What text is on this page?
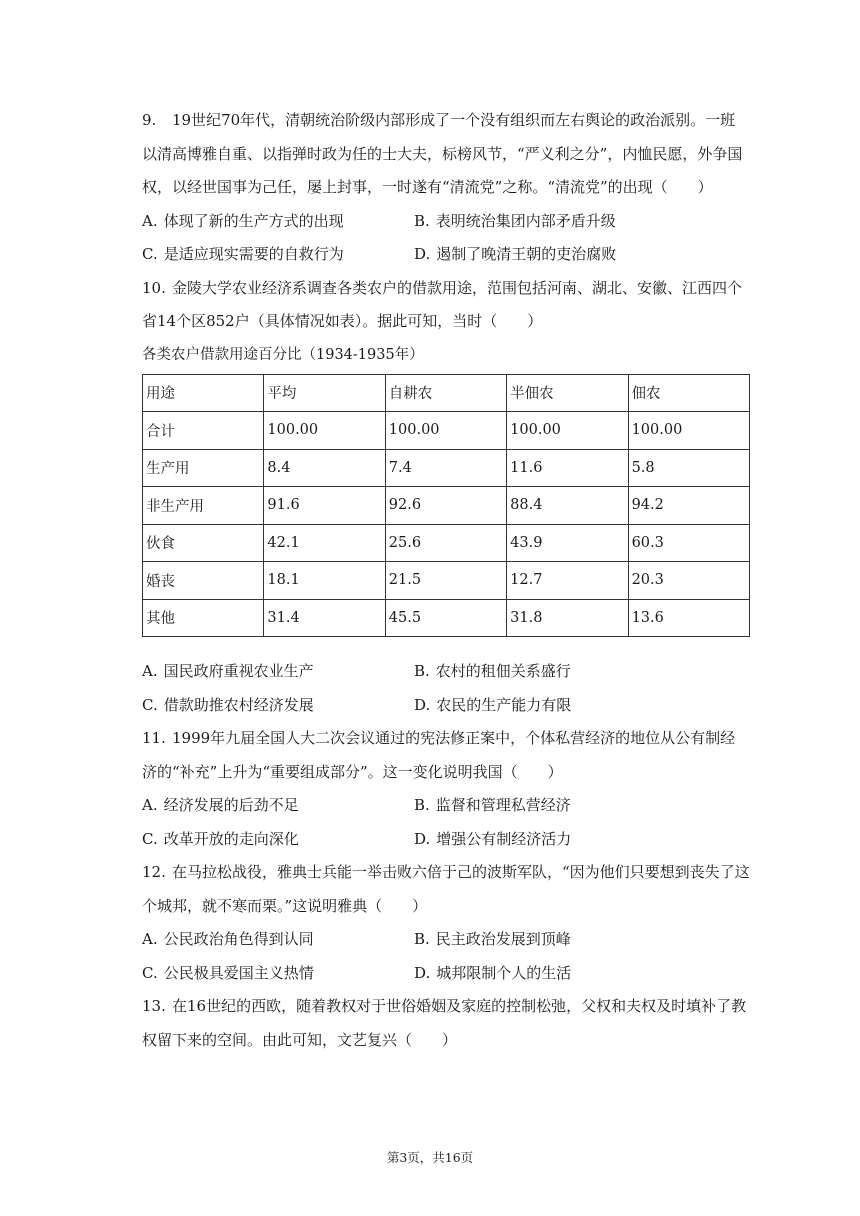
9. 19世纪70年代，清朝统治阶级内部形成了一个没有组织而左右舆论的政治派别。一班以清高博雅自重、以指弹时政为任的士大夫，标榜风节，“严义利之分”，内恤民愿，外争国权，以经世国事为己任，屡上封事，一时遂有“清流党”之称。“清流党”的出现（　　）

A. 体现了新的生产方式的出现	B. 表明统治集团内部矛盾升级
C. 是适应现实需要的自救行为	D. 遏制了晚清王朝的吏治腐败

10. 金陵大学农业经济系调查各类农户的借款用途，范围包括河南、湖北、安徽、江西四个省14个区852户（具体情况如表）。据此可知，当时（　　）

各类农户借款用途百分比（1934-1935年）
用途	平均	自耕农	半佃农	佃农
合计	100.00	100.00	100.00	100.00
生产用	8.4	7.4	11.6	5.8
非生产用	91.6	92.6	88.4	94.2
伙食	42.1	25.6	43.9	60.3
婚丧	18.1	21.5	12.7	20.3
其他	31.4	45.5	31.8	13.6
A. 国民政府重视农业生产	B. 农村的租佃关系盛行
C. 借款助推农村经济发展	D. 农民的生产能力有限

11. 1999年九届全国人大二次会议通过的宪法修正案中，个体私营经济的地位从公有制经济的“补充”上升为“重要组成部分”。这一变化说明我国（　　）

A. 经济发展的后劲不足	B. 监督和管理私营经济
C. 改革开放的走向深化	D. 增强公有制经济活力

12. 在马拉松战役，雅典士兵能一举击败六倍于己的波斯军队，“因为他们只要想到丧失了这个城邦，就不寒而栗。”这说明雅典（　　）

A. 公民政治角色得到认同	B. 民主政治发展到顶峰
C. 公民极具爱国主义热情	D. 城邦限制个人的生活

13. 在16世纪的西欧，随着教权对于世俗婚姻及家庭的控制松弛，父权和夫权及时填补了教权留下来的空间。由此可知，文艺复兴（　　）

第3页，共16页
